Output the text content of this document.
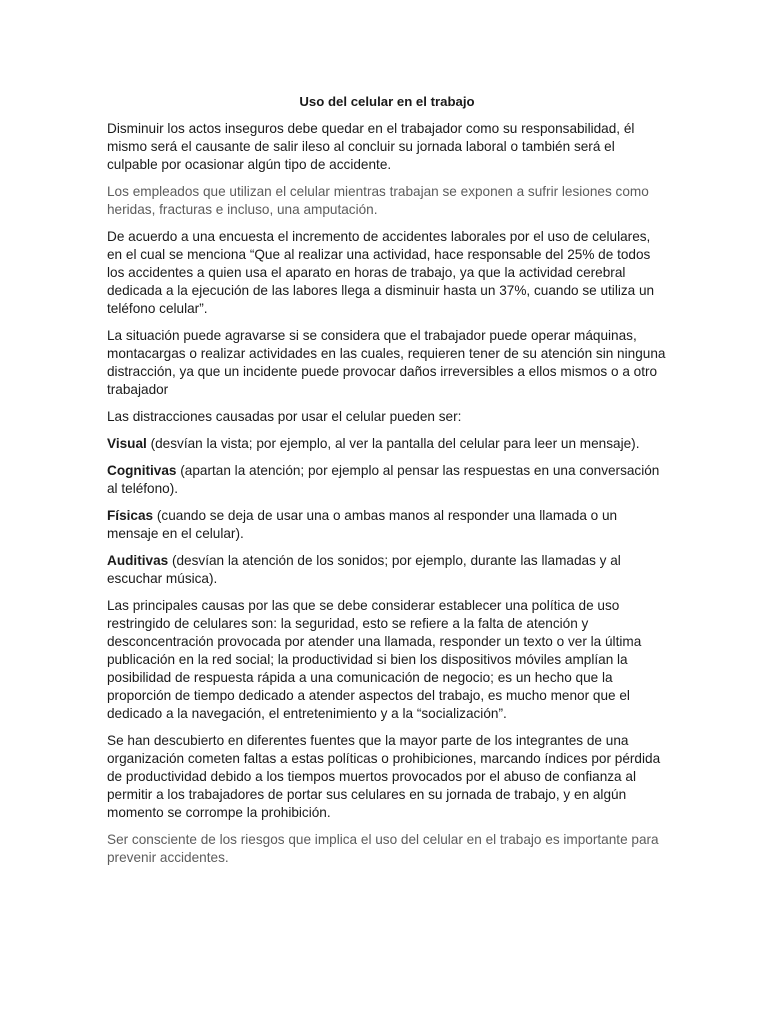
Uso del celular en el trabajo

Disminuir los actos inseguros debe quedar en el trabajador como su responsabilidad, él mismo será el causante de salir ileso al concluir su jornada laboral o también será el culpable por ocasionar algún tipo de accidente.

Los empleados que utilizan el celular mientras trabajan se exponen a sufrir lesiones como heridas, fracturas e incluso, una amputación.

De acuerdo a una encuesta el incremento de accidentes laborales por el uso de celulares, en el cual se menciona “Que al realizar una actividad, hace responsable del 25% de todos los accidentes a quien usa el aparato en horas de trabajo, ya que la actividad cerebral dedicada a la ejecución de las labores llega a disminuir hasta un 37%, cuando se utiliza un teléfono celular”.

La situación puede agravarse si se considera que el trabajador puede operar máquinas, montacargas o realizar actividades en las cuales, requieren tener de su atención sin ninguna distracción, ya que un incidente puede provocar daños irreversibles a ellos mismos o a otro trabajador

Las distracciones causadas por usar el celular pueden ser:

Visual (desvían la vista; por ejemplo, al ver la pantalla del celular para leer un mensaje).

Cognitivas (apartan la atención; por ejemplo al pensar las respuestas en una conversación al teléfono).

Físicas (cuando se deja de usar una o ambas manos al responder una llamada o un mensaje en el celular).

Auditivas (desvían la atención de los sonidos; por ejemplo, durante las llamadas y al escuchar música).

Las principales causas por las que se debe considerar establecer una política de uso restringido de celulares son: la seguridad, esto se refiere a la falta de atención y desconcentración provocada por atender una llamada, responder un texto o ver la última publicación en la red social; la productividad si bien los dispositivos móviles amplían la posibilidad de respuesta rápida a una comunicación de negocio; es un hecho que la proporción de tiempo dedicado a atender aspectos del trabajo, es mucho menor que el dedicado a la navegación, el entretenimiento y a la “socialización”.

Se han descubierto en diferentes fuentes que la mayor parte de los integrantes de una organización cometen faltas a estas políticas o prohibiciones, marcando índices por pérdida de productividad debido a los tiempos muertos provocados por el abuso de confianza al permitir a los trabajadores de portar sus celulares en su jornada de trabajo, y en algún momento se corrompe la prohibición.

Ser consciente de los riesgos que implica el uso del celular en el trabajo es importante para prevenir accidentes.
